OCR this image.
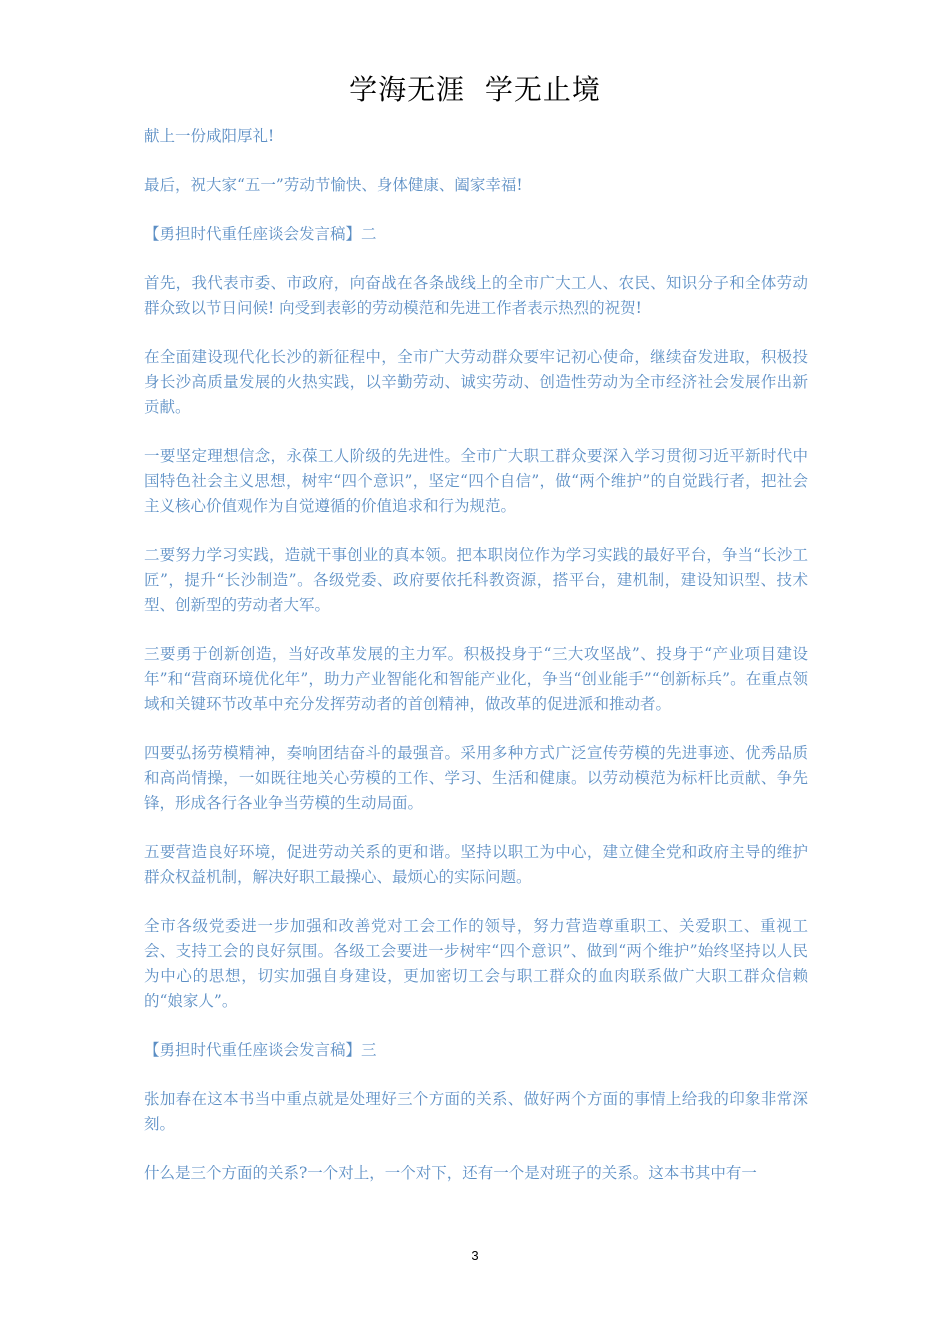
学海无涯  学无止境

献上一份咸阳厚礼!

最后，祝大家“五一”劳动节愉快、身体健康、阖家幸福!

【勇担时代重任座谈会发言稿】二

首先，我代表市委、市政府，向奋战在各条战线上的全市广大工人、农民、知识分子和全体劳动群众致以节日问候! 向受到表彰的劳动模范和先进工作者表示热烈的祝贺!

在全面建设现代化长沙的新征程中，全市广大劳动群众要牢记初心使命，继续奋发进取，积极投身长沙高质量发展的火热实践，以辛勤劳动、诚实劳动、创造性劳动为全市经济社会发展作出新贡献。

一要坚定理想信念，永葆工人阶级的先进性。全市广大职工群众要深入学习贯彻习近平新时代中国特色社会主义思想，树牢“四个意识”，坚定“四个自信”，做“两个维护”的自觉践行者，把社会主义核心价值观作为自觉遵循的价值追求和行为规范。

二要努力学习实践，造就干事创业的真本领。把本职岗位作为学习实践的最好平台，争当“长沙工匠”，提升“长沙制造”。各级党委、政府要依托科教资源，搭平台，建机制，建设知识型、技术型、创新型的劳动者大军。

三要勇于创新创造，当好改革发展的主力军。积极投身于“三大攻坚战”、投身于“产业项目建设年”和“营商环境优化年”，助力产业智能化和智能产业化，争当“创业能手”“创新标兵”。在重点领域和关键环节改革中充分发挥劳动者的首创精神，做改革的促进派和推动者。

四要弘扬劳模精神，奏响团结奋斗的最强音。采用多种方式广泛宣传劳模的先进事迹、优秀品质和高尚情操，一如既往地关心劳模的工作、学习、生活和健康。以劳动模范为标杆比贡献、争先锋，形成各行各业争当劳模的生动局面。

五要营造良好环境，促进劳动关系的更和谐。坚持以职工为中心，建立健全党和政府主导的维护群众权益机制，解决好职工最操心、最烦心的实际问题。

全市各级党委进一步加强和改善党对工会工作的领导，努力营造尊重职工、关爱职工、重视工会、支持工会的良好氛围。各级工会要进一步树牢“四个意识”、做到“两个维护”始终坚持以人民为中心的思想，切实加强自身建设，更加密切工会与职工群众的血肉联系做广大职工群众信赖的“娘家人”。

【勇担时代重任座谈会发言稿】三

张加春在这本书当中重点就是处理好三个方面的关系、做好两个方面的事情上给我的印象非常深刻。

什么是三个方面的关系?一个对上，一个对下，还有一个是对班子的关系。这本书其中有一

3
